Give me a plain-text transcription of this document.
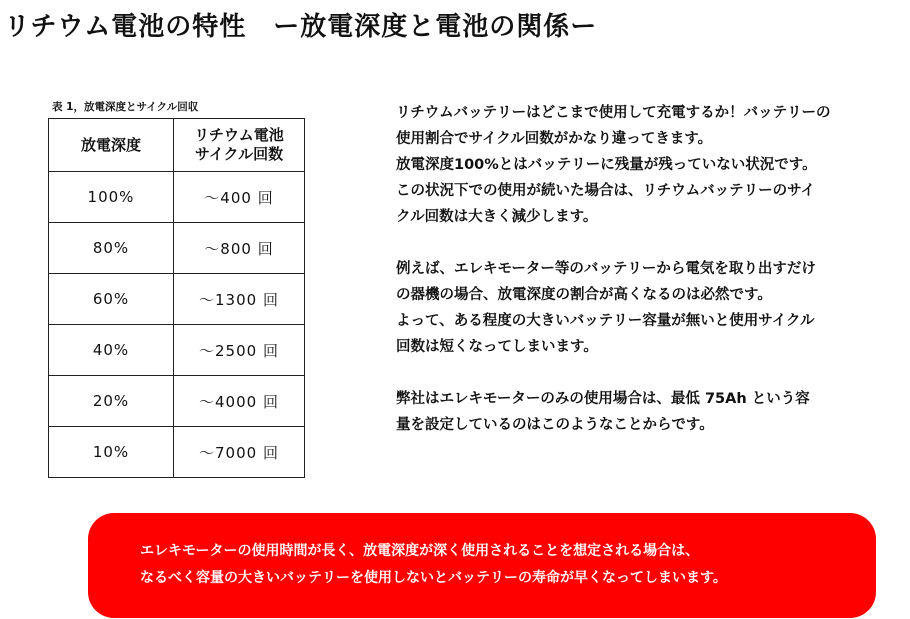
リチウム電池の特性　ー放電深度と電池の関係ー
表 1，放電深度とサイクル回収
放電深度	リチウム電池
サイクル回数
100%	～400 回
80%	～800 回
60%	～1300 回
40%	～2500 回
20%	～4000 回
10%	～7000 回

リチウムバッテリーはどこまで使用して充電するか！バッテリーの
使用割合でサイクル回数がかなり違ってきます。
放電深度100%とはバッテリーに残量が残っていない状況です。
この状況下での使用が続いた場合は、リチウムバッテリーのサイ
クル回数は大きく減少します。

例えば、エレキモーター等のバッテリーから電気を取り出すだけ
の器機の場合、放電深度の割合が高くなるのは必然です。
よって、ある程度の大きいバッテリー容量が無いと使用サイクル
回数は短くなってしまいます。

弊社はエレキモーターのみの使用場合は、最低 75Ah という容
量を設定しているのはこのようなことからです。

エレキモーターの使用時間が長く、放電深度が深く使用されることを想定される場合は、

なるべく容量の大きいバッテリーを使用しないとバッテリーの寿命が早くなってしまいます。
